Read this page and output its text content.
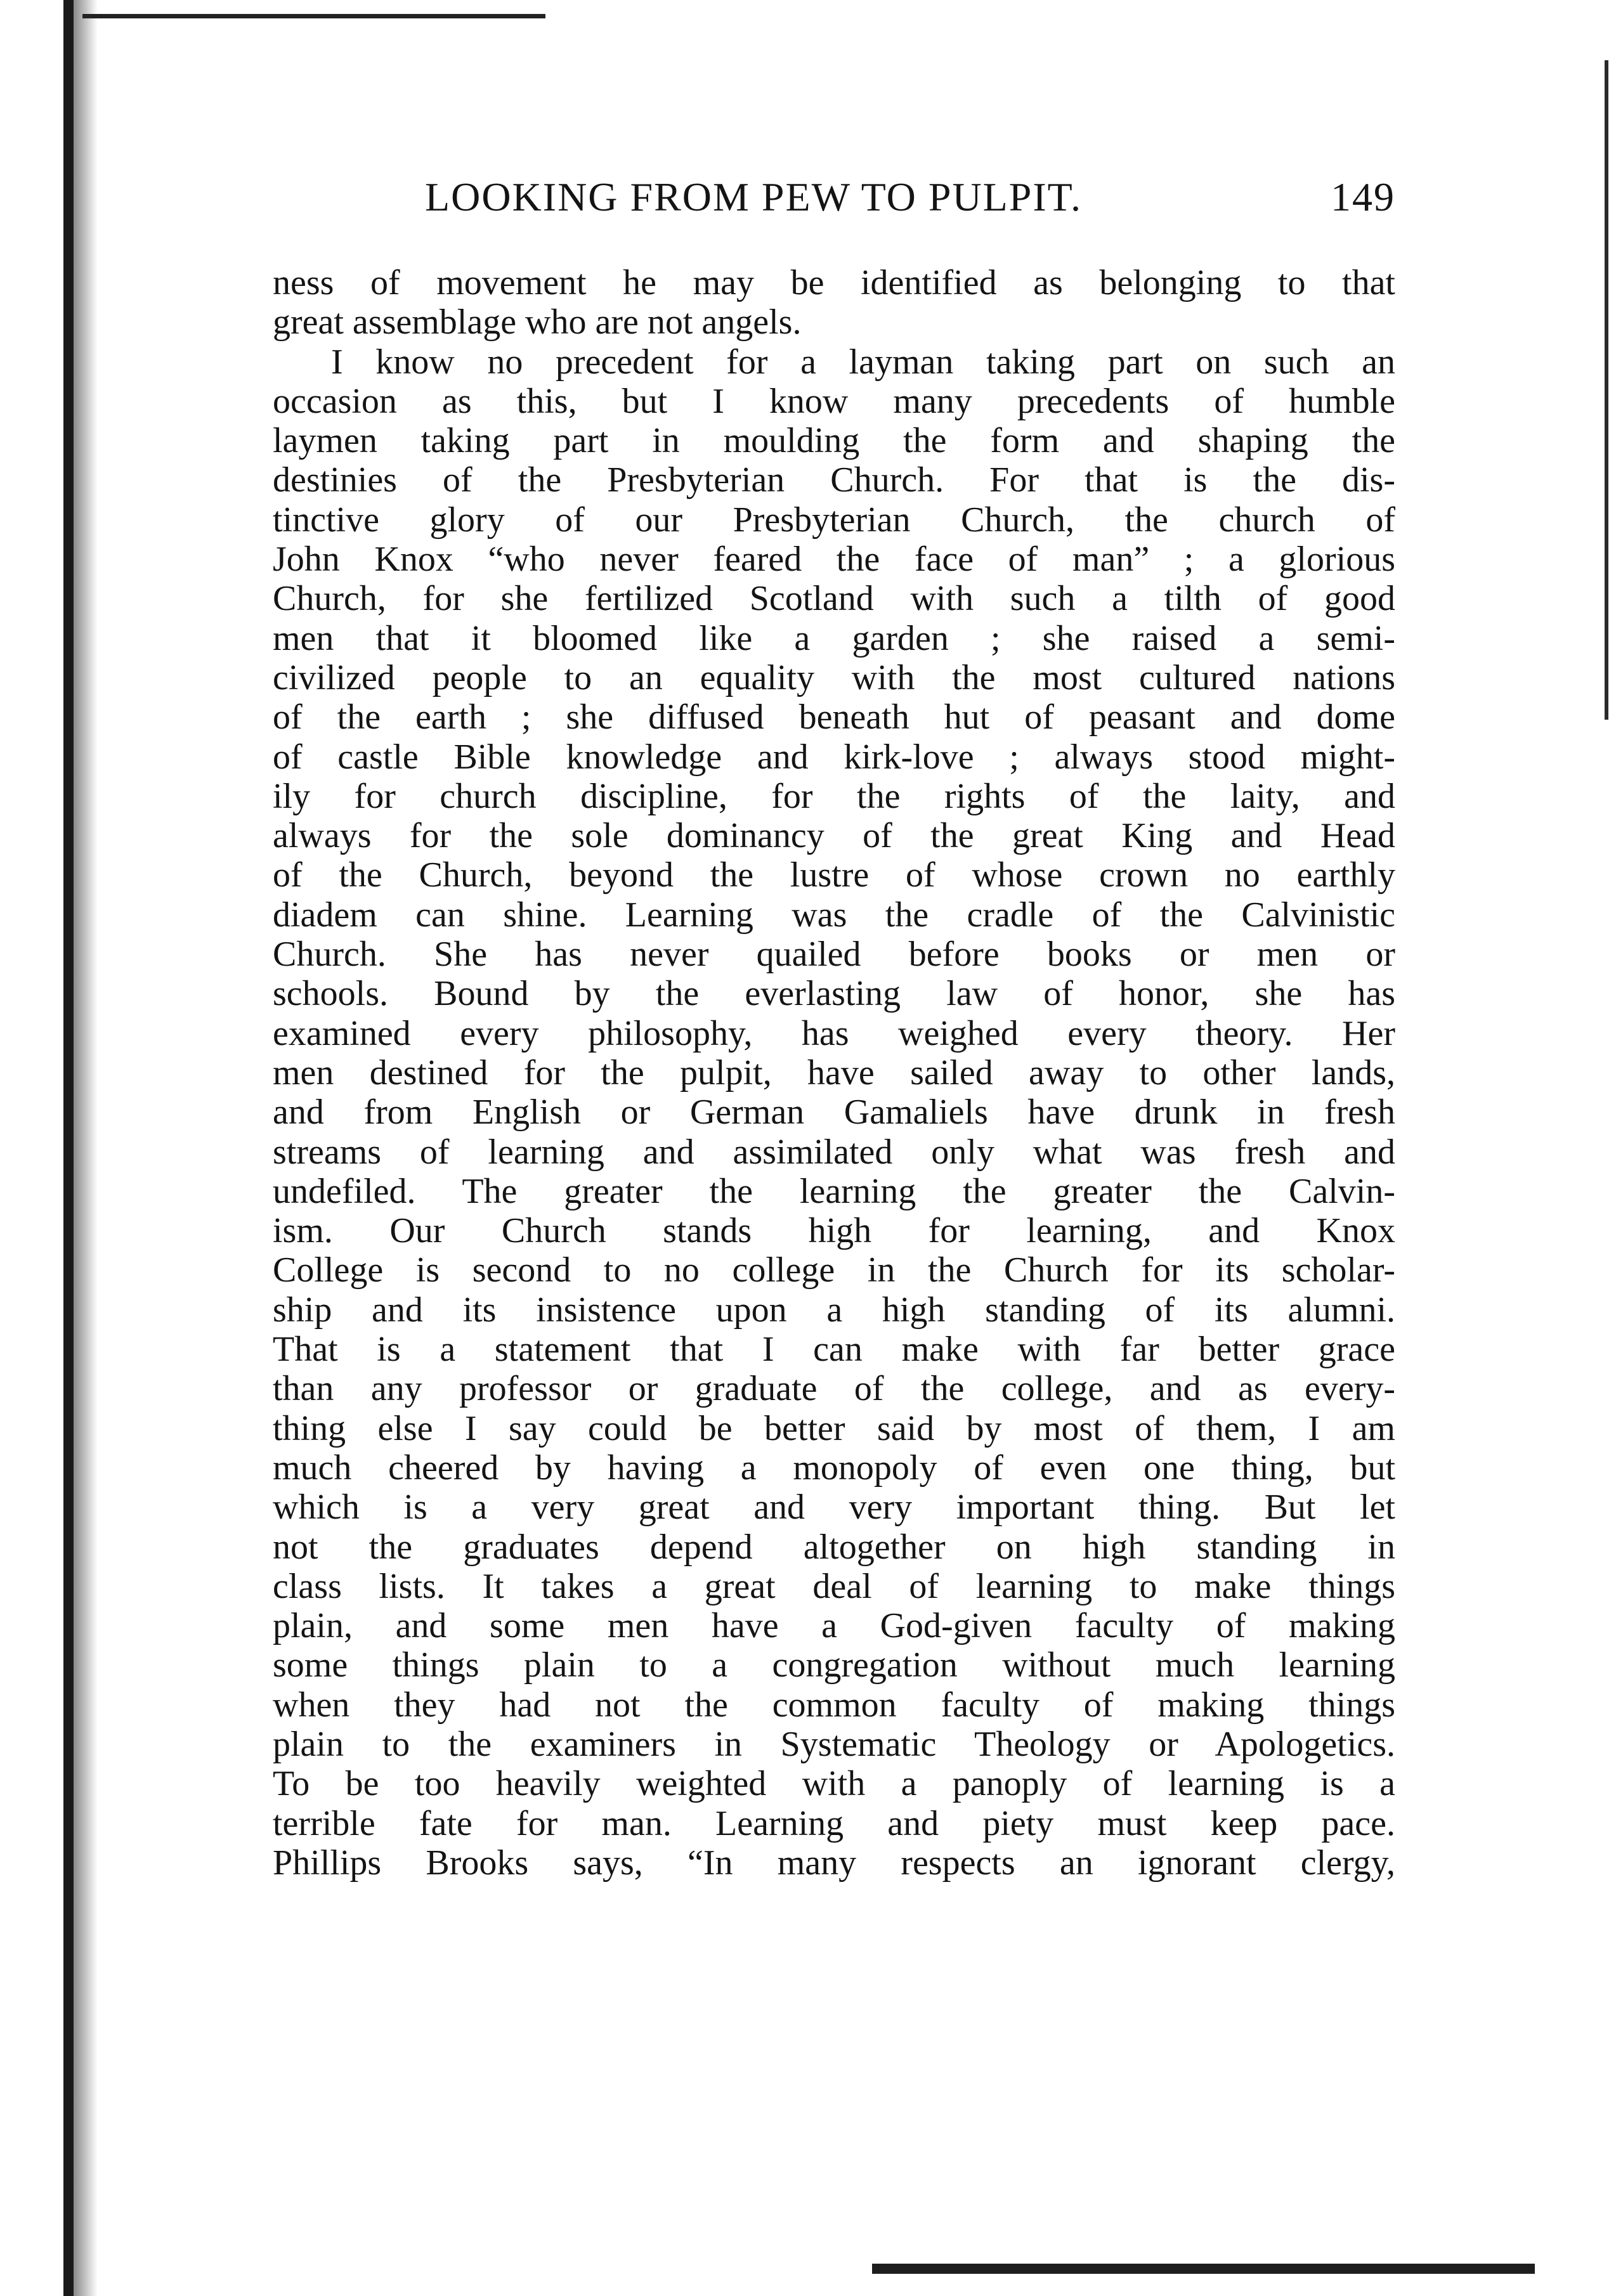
LOOKING FROM PEW TO PULPIT.	149
ness of movement he may be identified as belonging to that
great assemblage who are not angels.
I know no precedent for a layman taking part on such an
occasion as this, but I know many precedents of humble
laymen taking part in moulding the form and shaping the
destinies of the Presbyterian Church. For that is the dis-
tinctive glory of our Presbyterian Church, the church of
John Knox “who never feared the face of man” ; a glorious
Church, for she fertilized Scotland with such a tilth of good
men that it bloomed like a garden ; she raised a semi-
civilized people to an equality with the most cultured nations
of the earth ; she diffused beneath hut of peasant and dome
of castle Bible knowledge and kirk-love ; always stood might-
ily for church discipline, for the rights of the laity, and
always for the sole dominancy of the great King and Head
of the Church, beyond the lustre of whose crown no earthly
diadem can shine. Learning was the cradle of the Calvinistic
Church. She has never quailed before books or men or
schools. Bound by the everlasting law of honor, she has
examined every philosophy, has weighed every theory. Her
men destined for the pulpit, have sailed away to other lands,
and from English or German Gamaliels have drunk in fresh
streams of learning and assimilated only what was fresh and
undefiled. The greater the learning the greater the Calvin-
ism. Our Church stands high for learning, and Knox
College is second to no college in the Church for its scholar-
ship and its insistence upon a high standing of its alumni.
That is a statement that I can make with far better grace
than any professor or graduate of the college, and as every-
thing else I say could be better said by most of them, I am
much cheered by having a monopoly of even one thing, but
which is a very great and very important thing. But let
not the graduates depend altogether on high standing in
class lists. It takes a great deal of learning to make things
plain, and some men have a God-given faculty of making
some things plain to a congregation without much learning
when they had not the common faculty of making things
plain to the examiners in Systematic Theology or Apologetics.
To be too heavily weighted with a panoply of learning is a
terrible fate for man. Learning and piety must keep pace.
Phillips Brooks says, “In many respects an ignorant clergy,
